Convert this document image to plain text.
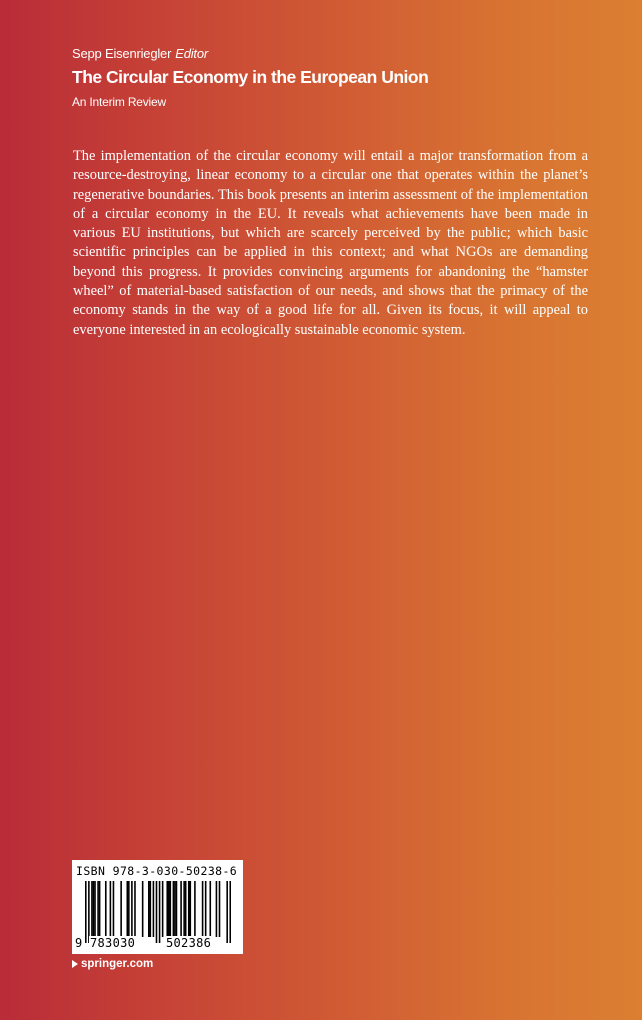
Sepp Eisenriegler Editor
The Circular Economy in the European Union
An Interim Review

The implementation of the circular economy will entail a major transformation from a resource-destroying, linear economy to a circular one that operates within the planet’s regenerative boundaries. This book presents an interim assessment of the implementation of a circular economy in the EU. It reveals what achievements have been made in various EU institutions, but which are scarcely perceived by the public; which basic scientific principles can be applied in this context; and what NGOs are demanding beyond this progress. It provides convincing arguments for abandoning the “hamster wheel” of material-based satisfaction of our needs, and shows that the primacy of the economy stands in the way of a good life for all. Given its focus, it will appeal to everyone interested in an ecologically sustainable economic system.

ISBN 978-3-030-50238-6
9 783030	502386
springer.com
